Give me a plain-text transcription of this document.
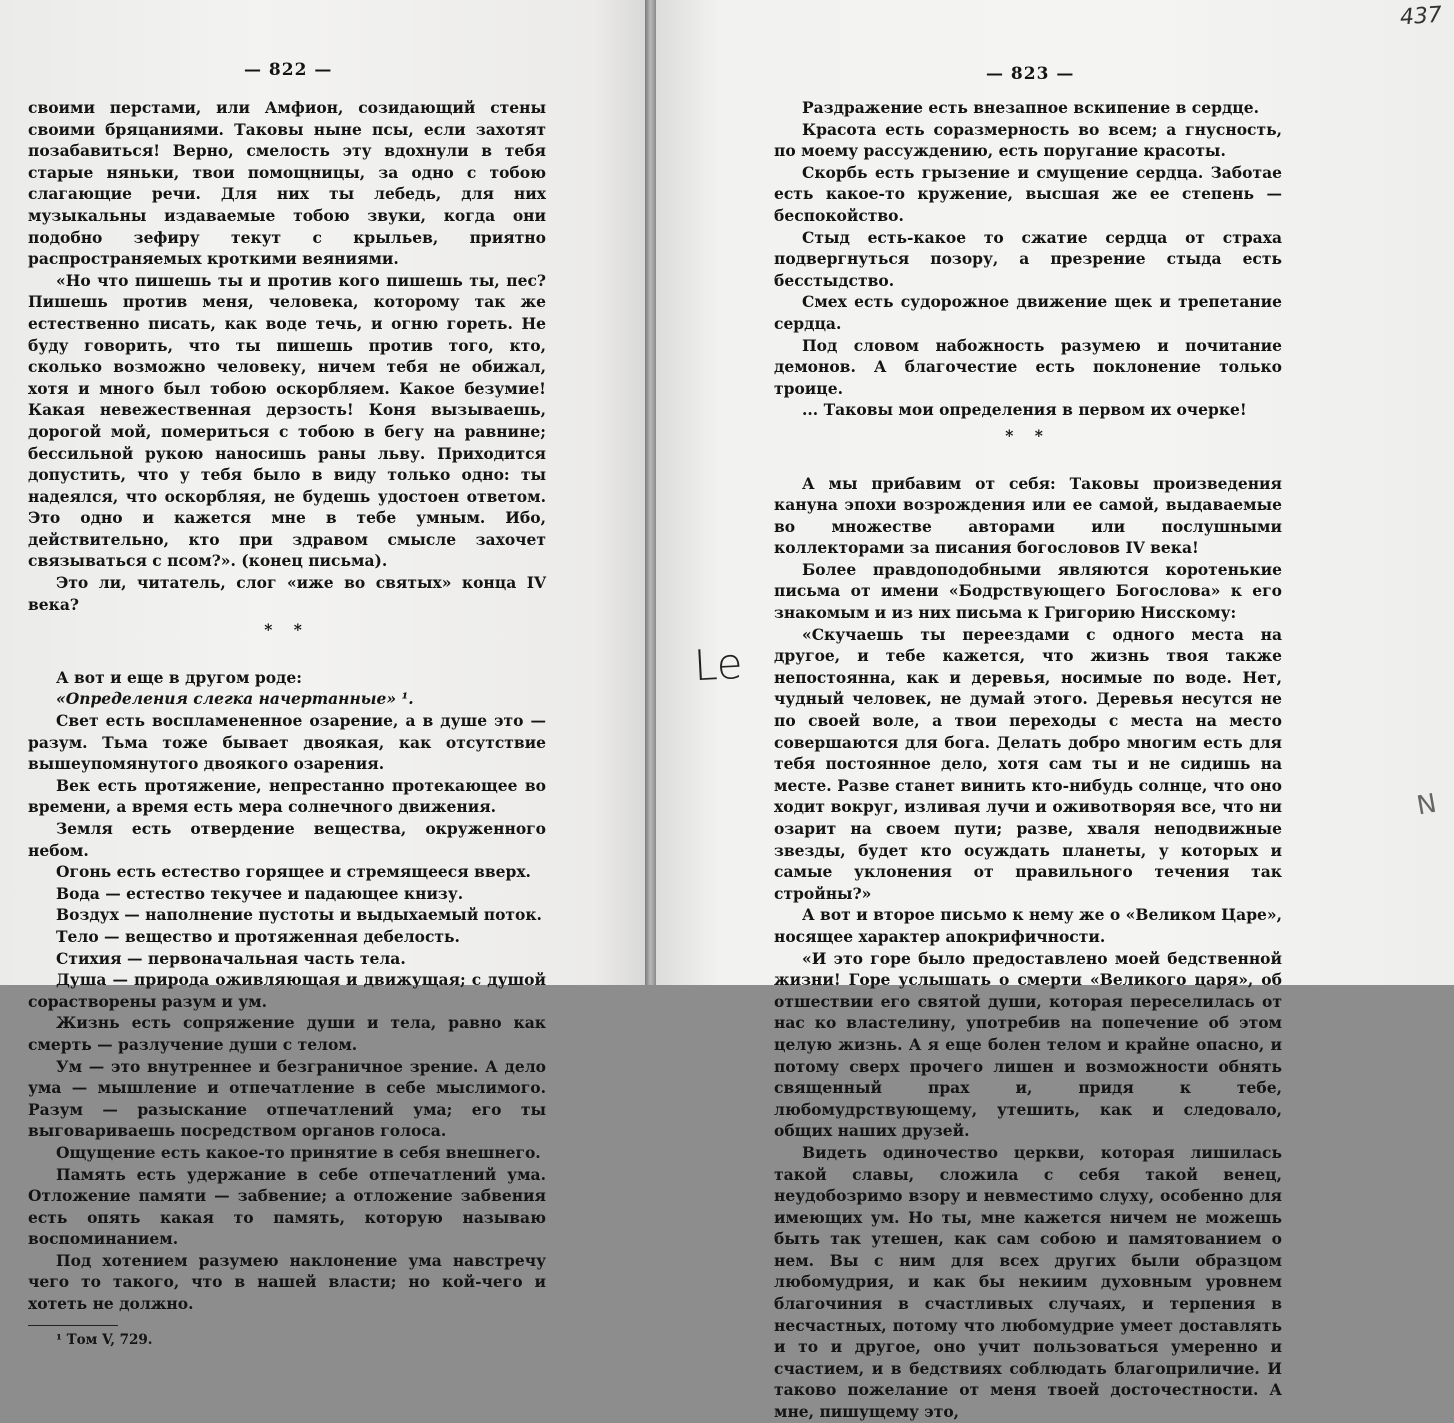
— 822 —

своими перстами, или Амфион, созидающий стены своими бряцаниями. Таковы ныне псы, если захотят позабавиться! Верно, смелость эту вдохнули в тебя старые няньки, твои помощницы, за одно с тобою слагающие речи. Для них ты лебедь, для них музыкальны издаваемые тобою звуки, когда они подобно зефиру текут с крыльев, приятно распространяемых кроткими веяниями.

«Но что пишешь ты и против кого пишешь ты, пес? Пишешь против меня, человека, которому так же естественно писать, как воде течь, и огню гореть. Не буду говорить, что ты пишешь против того, кто, сколько возможно человеку, ничем тебя не обижал, хотя и много был тобою оскорбляем. Какое безумие! Какая невежественная дерзость! Коня вызываешь, дорогой мой, помериться с тобою в бегу на равнине; бессильной рукою наносишь раны льву. Приходится допустить, что у тебя было в виду только одно: ты надеялся, что оскорбляя, не будешь удостоен ответом. Это одно и кажется мне в тебе умным. Ибо, действительно, кто при здравом смысле захочет связываться с псом?». (конец письма).

Это ли, читатель, слог «иже во святых» конца IV века?

* *

А вот и еще в другом роде:

«Определения слегка начертанные» ¹.

Свет есть воспламененное озарение, а в душе это — разум. Тьма тоже бывает двоякая, как отсутствие вышеупомянутого двоякого озарения.

Век есть протяжение, непрестанно протекающее во времени, а время есть мера солнечного движения.

Земля есть отвердение вещества, окруженного небом.

Огонь есть естество горящее и стремящееся вверх.

Вода — естество текучее и падающее книзу.

Воздух — наполнение пустоты и выдыхаемый поток.

Тело — вещество и протяженная дебелость.

Стихия — первоначальная часть тела.

Душа — природа оживляющая и движущая; с душой сорастворены разум и ум.

Жизнь есть сопряжение души и тела, равно как смерть — разлучение души с телом.

Ум — это внутреннее и безграничное зрение. А дело ума — мышление и отпечатление в себе мыслимого. Разум — разыскание отпечатлений ума; его ты выговариваешь посредством органов голоса.

Ощущение есть какое-то принятие в себя внешнего.

Память есть удержание в себе отпечатлений ума. Отложение памяти — забвение; а отложение забвения есть опять какая то память, которую называю воспоминанием.

Под хотением разумею наклонение ума навстречу чего то такого, что в нашей власти; но кой-чего и хотеть не должно.

¹ Том V, 729.

— 823 —
437
Le
N

Раздражение есть внезапное вскипение в сердце.

Красота есть соразмерность во всем; а гнусность, по моему рассуждению, есть поругание красоты.

Скорбь есть грызение и смущение сердца. Заботае есть какое-то кружение, высшая же ее степень — беспокойство.

Стыд есть-какое то сжатие сердца от страха подвергнуться позору, а презрение стыда есть бесстыдство.

Смех есть судорожное движение щек и трепетание сердца.

Под словом набожность разумею и почитание демонов. А благочестие есть поклонение только троице.

... Таковы мои определения в первом их очерке!

* *

А мы прибавим от себя: Таковы произведения кануна эпохи возрождения или ее самой, выдаваемые во множестве авторами или послушными коллекторами за писания богословов IV века!

Более правдоподобными являются коротенькие письма от имени «Бодрствующего Богослова» к его знакомым и из них письма к Григорию Нисскому:

«Скучаешь ты переездами с одного места на другое, и тебе кажется, что жизнь твоя также непостоянна, как и деревья, носимые по воде. Нет, чудный человек, не думай этого. Деревья несутся не по своей воле, а твои переходы с места на место совершаются для бога. Делать добро многим есть для тебя постоянное дело, хотя сам ты и не сидишь на месте. Разве станет винить кто-нибудь солнце, что оно ходит вокруг, изливая лучи и оживотворяя все, что ни озарит на своем пути; разве, хваля неподвижные звезды, будет кто осуждать планеты, у которых и самые уклонения от правильного течения так стройны?»

А вот и второе письмо к нему же о «Великом Царе», носящее характер апокрифичности.

«И это горе было предоставлено моей бедственной жизни! Горе услышать о смерти «Великого царя», об отшествии его святой души, которая переселилась от нас ко властелину, употребив на попечение об этом целую жизнь. А я еще болен телом и крайне опасно, и потому сверх прочего лишен и возможности обнять священный прах и, придя к тебе, любомудрствующему, утешить, как и следовало, общих наших друзей.

Видеть одиночество церкви, которая лишилась такой славы, сложила с себя такой венец, неудобозримо взору и невместимо слуху, особенно для имеющих ум. Но ты, мне кажется ничем не можешь быть так утешен, как сам собою и памятованием о нем. Вы с ним для всех других были образцом любомудрия, и как бы некиим духовным уровнем благочиния в счастливых случаях, и терпения в несчастных, потому что любомудрие умеет доставлять и то и другое, оно учит пользоваться умеренно и счастием, и в бедствиях соблюдать благоприличие. И таково пожелание от меня твоей досточестности. А мне, пишущему это,
